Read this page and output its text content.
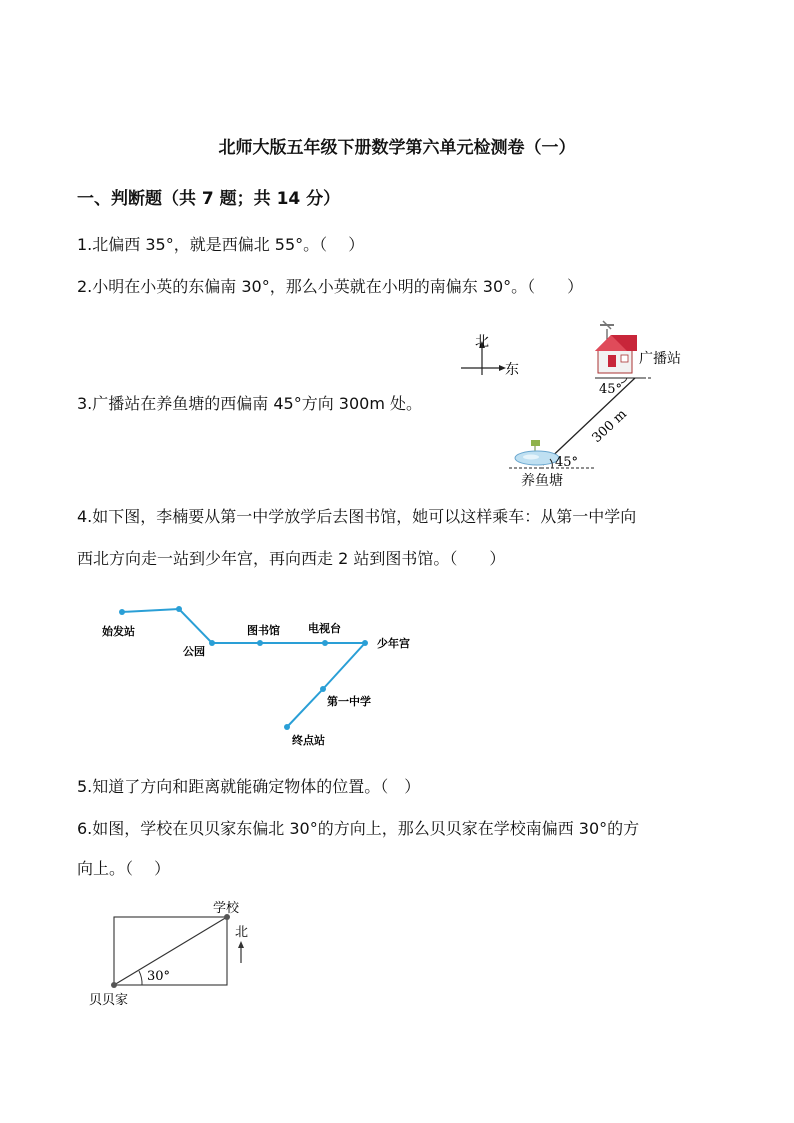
北师大版五年级下册数学第六单元检测卷（一）
一、判断题（共 7 题；共 14 分）
1.北偏西 35°，就是西偏北 55°。（　 ）
2.小明在小英的东偏南 30°，那么小英就在小明的南偏东 30°。（　　）
3.广播站在养鱼塘的西偏南 45°方向 300m 处。
4.如下图，李楠要从第一中学放学后去图书馆，她可以这样乘车：从第一中学向
西北方向走一站到少年宫，再向西走 2 站到图书馆。（　　）
5.知道了方向和距离就能确定物体的位置。（　）
6.如图，学校在贝贝家东偏北 30°的方向上，那么贝贝家在学校南偏西 30°的方
向上。（　 ）
北
东
广播站
45°
300 m
45°
养鱼塘
始发站
公园
图书馆	电视台
少年宫
第一中学
终点站
30°
学校
贝贝家
北
